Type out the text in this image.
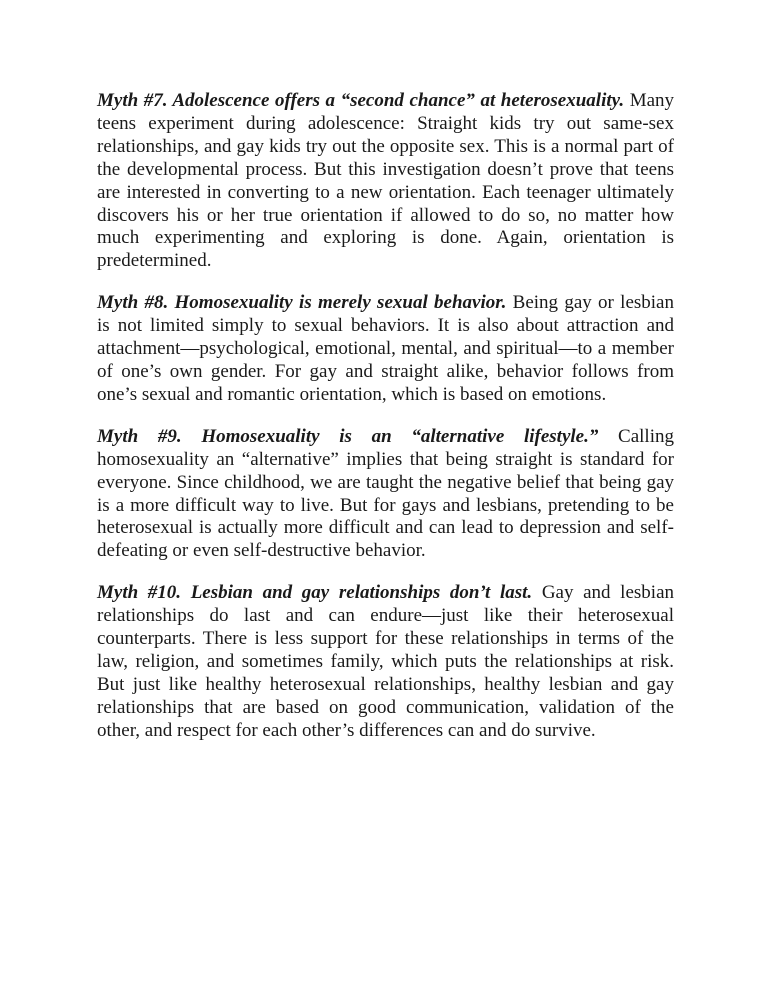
Myth #7. Adolescence offers a “second chance” at heterosexuality. Many teens experiment during adolescence: Straight kids try out same-sex relationships, and gay kids try out the opposite sex. This is a normal part of the developmental process. But this investigation doesn’t prove that teens are interested in converting to a new orientation. Each teenager ultimately discovers his or her true orientation if allowed to do so, no matter how much experimenting and exploring is done. Again, orientation is predetermined.

Myth #8. Homosexuality is merely sexual behavior. Being gay or lesbian is not limited simply to sexual behaviors. It is also about attraction and attachment—psychological, emotional, mental, and spiritual—to a member of one’s own gender. For gay and straight alike, behavior follows from one’s sexual and romantic orientation, which is based on emotions.

Myth #9. Homosexuality is an “alternative lifestyle.” Calling homosexuality an “alternative” implies that being straight is standard for everyone. Since childhood, we are taught the negative belief that being gay is a more difficult way to live. But for gays and lesbians, pretending to be heterosexual is actually more difficult and can lead to depression and self-defeating or even self-destructive behavior.

Myth #10. Lesbian and gay relationships don’t last. Gay and lesbian relationships do last and can endure—just like their heterosexual counterparts. There is less support for these relationships in terms of the law, religion, and sometimes family, which puts the relationships at risk. But just like healthy heterosexual relationships, healthy lesbian and gay relationships that are based on good communication, validation of the other, and respect for each other’s differences can and do survive.
